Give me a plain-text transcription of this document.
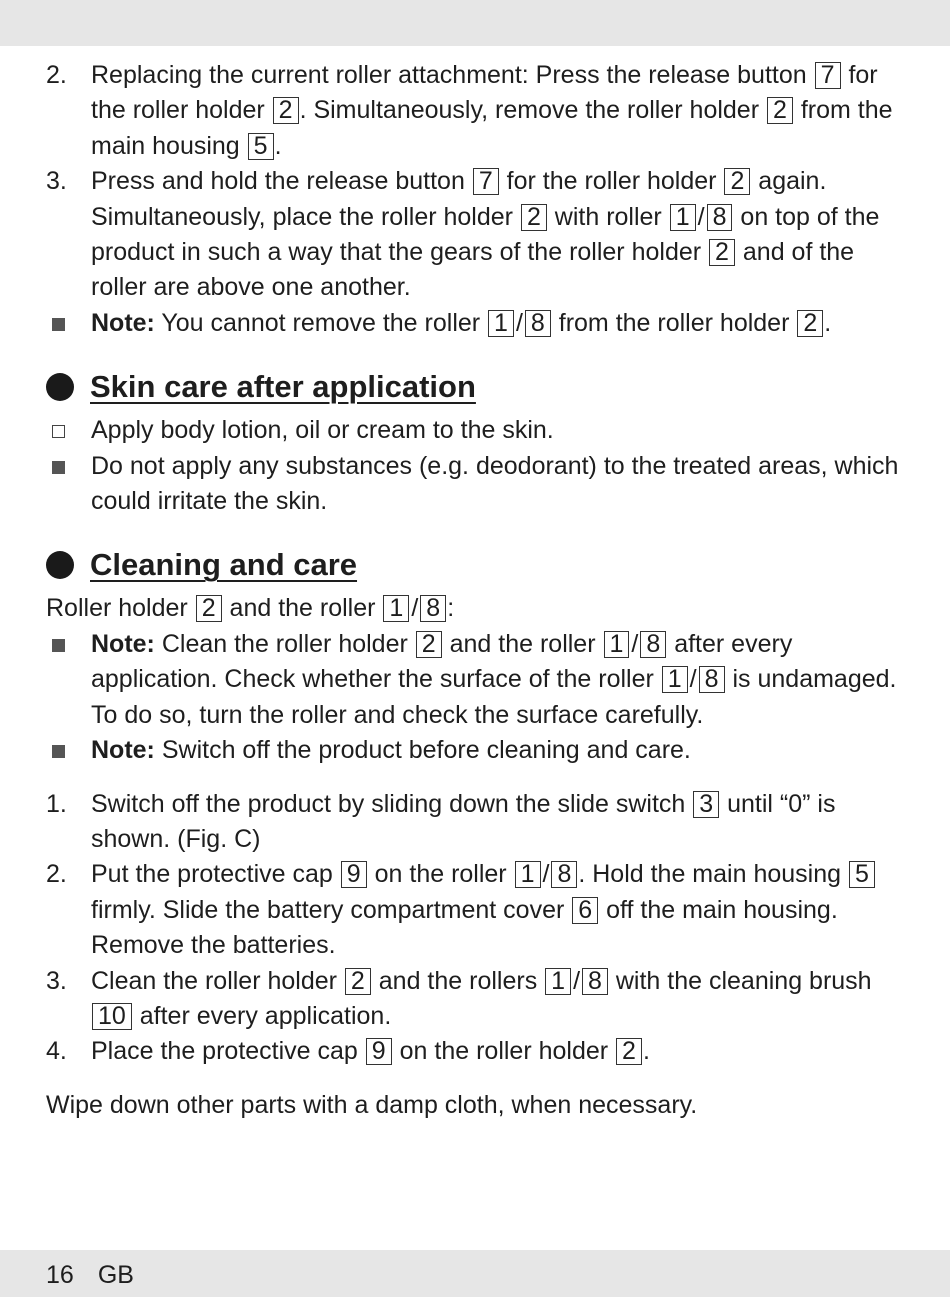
2. Replacing the current roller attachment: Press the release button 7 for the roller holder 2 . Simultaneously, remove the roller holder 2 from the main housing 5 .
3. Press and hold the release button 7 for the roller holder 2 again. Simultaneously, place the roller holder 2 with roller 1 / 8 on top of the product in such a way that the gears of the roller holder 2 and of the roller are above one another.
Note: You cannot remove the roller 1 / 8 from the roller holder 2 .
Skin care after application
Apply body lotion, oil or cream to the skin.
Do not apply any substances (e.g. deodorant) to the treated areas, which could irritate the skin.
Cleaning and care

Roller holder 2 and the roller 1 / 8 :

Note: Clean the roller holder 2 and the roller 1 / 8 after every application. Check whether the surface of the roller 1 / 8 is undamaged. To do so, turn the roller and check the surface carefully.
Note: Switch off the product before cleaning and care.
1. Switch off the product by sliding down the slide switch 3 until “0” is shown. (Fig. C)
2. Put the protective cap 9 on the roller 1 / 8 . Hold the main housing 5 firmly. Slide the battery compartment cover 6 off the main housing. Remove the batteries.
3. Clean the roller holder 2 and the rollers 1 / 8 with the cleaning brush 10 after every application.
4. Place the protective cap 9 on the roller holder 2 .

Wipe down other parts with a damp cloth, when necessary.

16 GB
